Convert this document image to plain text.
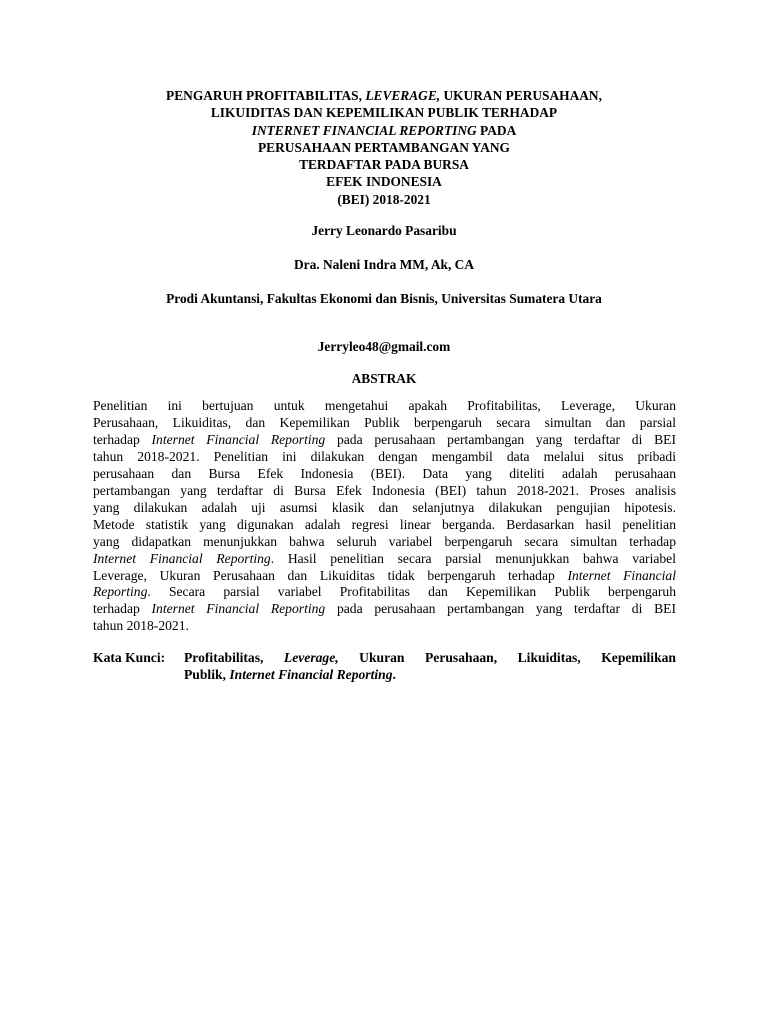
PENGARUH PROFITABILITAS, LEVERAGE, UKURAN PERUSAHAAN,
LIKUIDITAS DAN KEPEMILIKAN PUBLIK TERHADAP
INTERNET FINANCIAL REPORTING PADA
PERUSAHAAN PERTAMBANGAN YANG
TERDAFTAR PADA BURSA
EFEK INDONESIA
(BEI) 2018-2021
Jerry Leonardo Pasaribu
Dra. Naleni Indra MM, Ak, CA
Prodi Akuntansi, Fakultas Ekonomi dan Bisnis, Universitas Sumatera Utara
Jerryleo48@gmail.com
ABSTRAK
Penelitian ini bertujuan untuk mengetahui apakah Profitabilitas, Leverage, Ukuran
Perusahaan, Likuiditas, dan Kepemilikan Publik berpengaruh secara simultan dan parsial
terhadap Internet Financial Reporting pada perusahaan pertambangan yang terdaftar di BEI
tahun 2018-2021. Penelitian ini dilakukan dengan mengambil data melalui situs pribadi
perusahaan dan Bursa Efek Indonesia (BEI). Data yang diteliti adalah perusahaan
pertambangan yang terdaftar di Bursa Efek Indonesia (BEI) tahun 2018-2021. Proses analisis
yang dilakukan adalah uji asumsi klasik dan selanjutnya dilakukan pengujian hipotesis.
Metode statistik yang digunakan adalah regresi linear berganda. Berdasarkan hasil penelitian
yang didapatkan menunjukkan bahwa seluruh variabel berpengaruh secara simultan terhadap
Internet Financial Reporting. Hasil penelitian secara parsial menunjukkan bahwa variabel
Leverage, Ukuran Perusahaan dan Likuiditas tidak berpengaruh terhadap Internet Financial
Reporting. Secara parsial variabel Profitabilitas dan Kepemilikan Publik berpengaruh
terhadap Internet Financial Reporting pada perusahaan pertambangan yang terdaftar di BEI
tahun 2018-2021.
Kata Kunci: Profitabilitas, Leverage, Ukuran Perusahaan, Likuiditas, Kepemilikan
Publik, Internet Financial Reporting.
